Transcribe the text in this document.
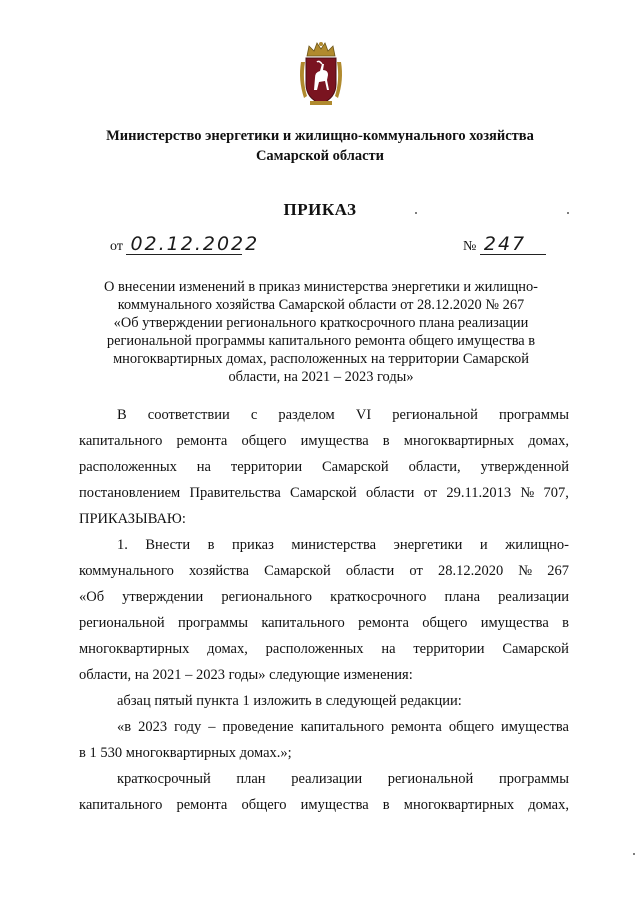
Министерство энергетики и жилищно-коммунального хозяйства
Самарской области
ПРИКАЗ
от 02.12.2022	№ 247
О внесении изменений в приказ министерства энергетики и жилищно-
коммунального хозяйства Самарской области от 28.12.2020 № 267
«Об утверждении регионального краткосрочного плана реализации
региональной программы капитального ремонта общего имущества в
многоквартирных домах, расположенных на территории Самарской
области, на 2021 – 2023 годы»
В соответствии с разделом VI региональной программы
капитального ремонта общего имущества в многоквартирных домах,
расположенных на территории Самарской области, утвержденной
постановлением Правительства Самарской области от 29.11.2013 № 707,
ПРИКАЗЫВАЮ:
1. Внести в приказ министерства энергетики и жилищно-
коммунального хозяйства Самарской области от 28.12.2020 № 267
«Об утверждении регионального краткосрочного плана реализации
региональной программы капитального ремонта общего имущества в
многоквартирных домах, расположенных на территории Самарской
области, на 2021 – 2023 годы» следующие изменения:
абзац пятый пункта 1 изложить в следующей редакции:
«в 2023 году – проведение капитального ремонта общего имущества
в 1 530 многоквартирных домах.»;
краткосрочный план реализации региональной программы
капитального ремонта общего имущества в многоквартирных домах,
